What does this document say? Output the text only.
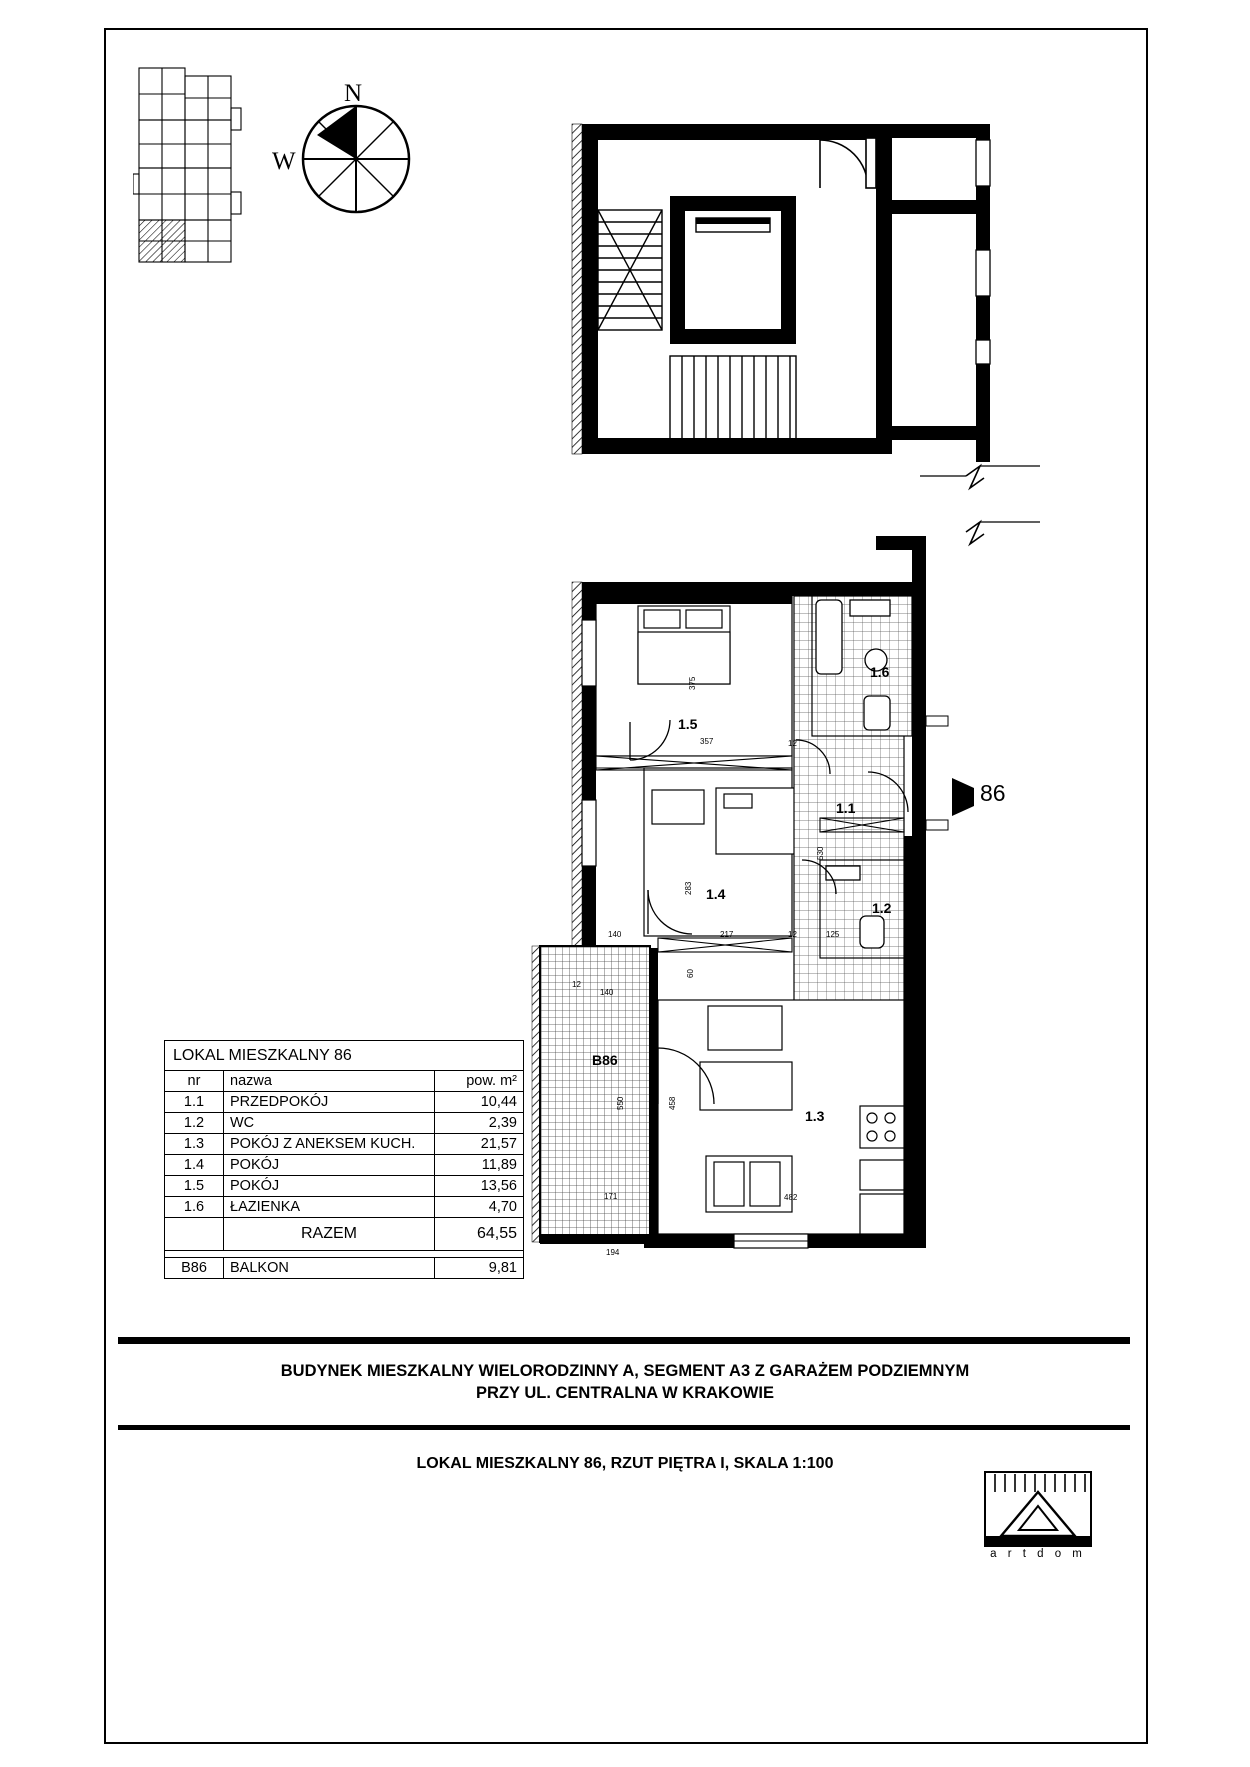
N
W
1.5
1.4
1.1
1.2
1.3
1.6
B86
357
375
283
217
140
140
482
458
550
530
171
194
12
12
12
125
60
86
LOKAL MIESZKALNY 86		
nr	nazwa	pow. m²
1.1	PRZEDPOKÓJ	10,44
1.2	WC	2,39
1.3	POKÓJ Z ANEKSEM KUCH.	21,57
1.4	POKÓJ	11,89
1.5	POKÓJ	13,56
1.6	ŁAZIENKA	4,70
	RAZEM	64,55

B86	BALKON	9,81
BUDYNEK MIESZKALNY WIELORODZINNY A, SEGMENT A3 Z GARAŻEM PODZIEMNYM
PRZY UL. CENTRALNA W KRAKOWIE
LOKAL MIESZKALNY 86, RZUT PIĘTRA I, SKALA 1:100
a r t d o m
